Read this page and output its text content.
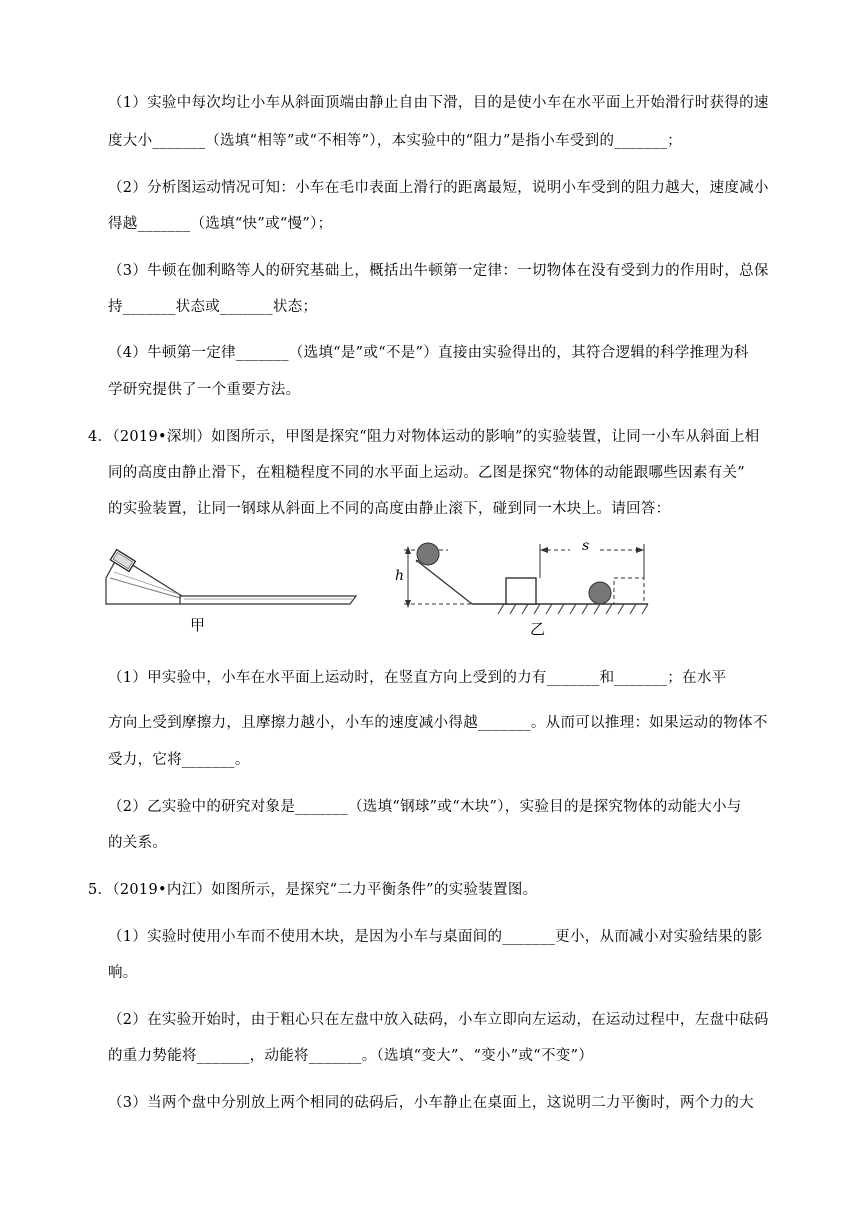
（1）实验中每次均让小车从斜面顶端由静止自由下滑，目的是使小车在水平面上开始滑行时获得的速
度大小_______（选填“相等”或“不相等”），本实验中的“阻力”是指小车受到的_______；
（2）分析图运动情况可知：小车在毛巾表面上滑行的距离最短，说明小车受到的阻力越大，速度减小
得越_______（选填“快”或“慢”）；
（3）牛顿在伽利略等人的研究基础上，概括出牛顿第一定律：一切物体在没有受到力的作用时，总保
持_______状态或_______状态；
（4）牛顿第一定律_______（选填“是”或“不是”）直接由实验得出的，其符合逻辑的科学推理为科
学研究提供了一个重要方法。
4．（2019•深圳）如图所示，甲图是探究“阻力对物体运动的影响”的实验装置，让同一小车从斜面上相
同的高度由静止滑下，在粗糙程度不同的水平面上运动。乙图是探究“物体的动能跟哪些因素有关”
的实验装置，让同一钢球从斜面上不同的高度由静止滚下，碰到同一木块上。请回答：
h
s
甲	乙
（1）甲实验中，小车在水平面上运动时，在竖直方向上受到的力有_______和_______；在水平
方向上受到摩擦力，且摩擦力越小，小车的速度减小得越_______。从而可以推理：如果运动的物体不
受力，它将_______。
（2）乙实验中的研究对象是_______（选填“钢球”或“木块”），实验目的是探究物体的动能大小与
的关系。
5．（2019•内江）如图所示，是探究“二力平衡条件”的实验装置图。
（1）实验时使用小车而不使用木块，是因为小车与桌面间的_______更小，从而减小对实验结果的影
响。
（2）在实验开始时，由于粗心只在左盘中放入砝码，小车立即向左运动，在运动过程中，左盘中砝码
的重力势能将_______，动能将_______。（选填“变大”、“变小”或“不变”）
（3）当两个盘中分别放上两个相同的砝码后，小车静止在桌面上，这说明二力平衡时，两个力的大
